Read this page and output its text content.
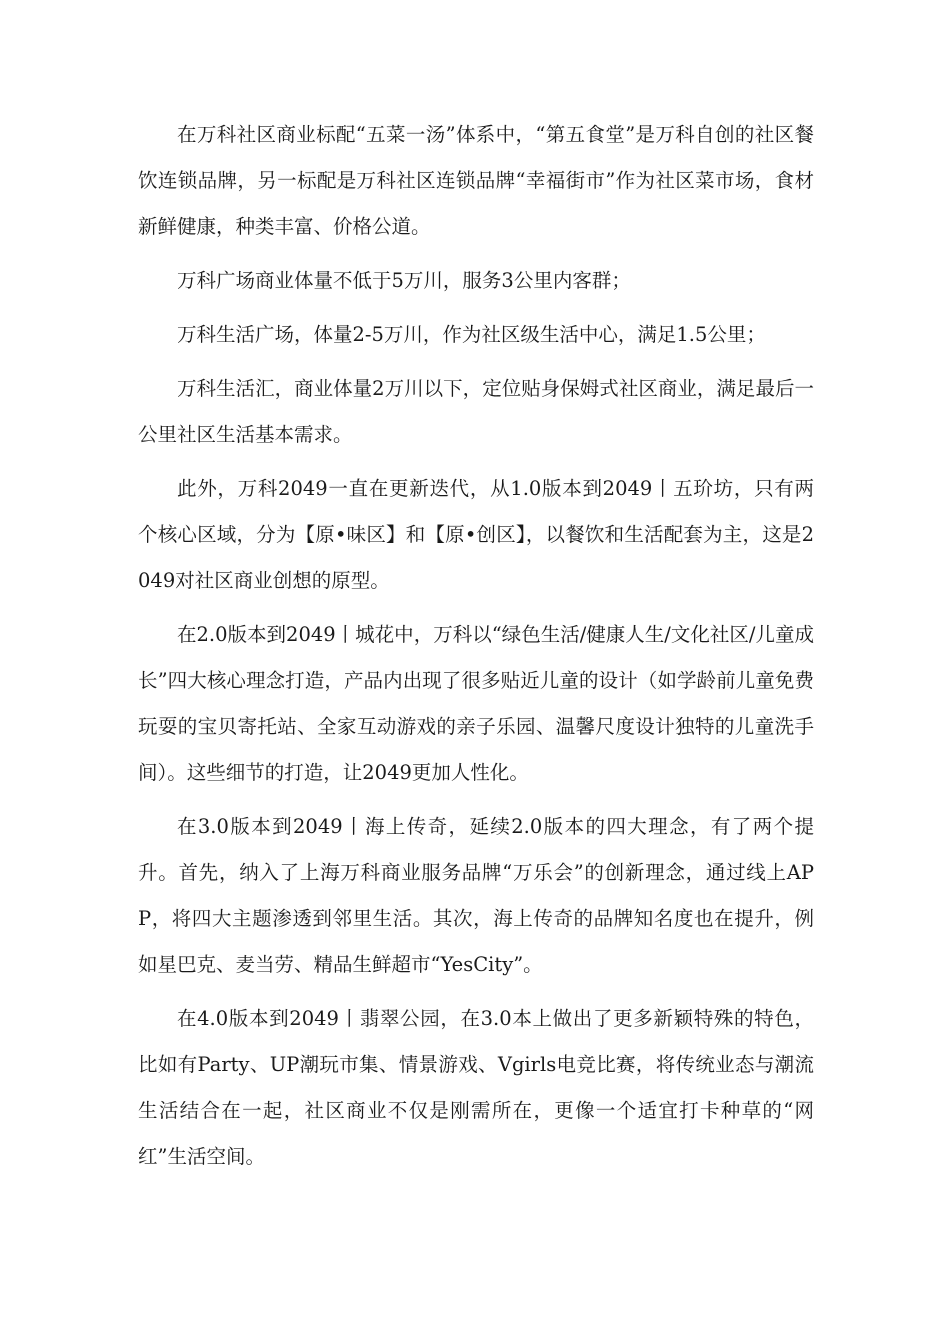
在万科社区商业标配“五菜一汤”体系中，“第五食堂”是万科自创的社区餐饮连锁品牌，另一标配是万科社区连锁品牌“幸福街市”作为社区菜市场，食材新鲜健康，种类丰富、价格公道。

万科广场商业体量不低于5万川，服务3公里内客群；

万科生活广场，体量2-5万川，作为社区级生活中心，满足1.5公里；

万科生活汇，商业体量2万川以下，定位贴身保姆式社区商业，满足最后一公里社区生活基本需求。

此外，万科2049一直在更新迭代，从1.0版本到2049丨五玠坊，只有两个核心区域，分为【原•味区】和【原•创区】，以餐饮和生活配套为主，这是2049对社区商业创想的原型。

在2.0版本到2049丨城花中，万科以“绿色生活/健康人生/文化社区/儿童成长”四大核心理念打造，产品内出现了很多贴近儿童的设计（如学龄前儿童免费玩耍的宝贝寄托站、全家互动游戏的亲子乐园、温馨尺度设计独特的儿童洗手间）。这些细节的打造，让2049更加人性化。

在3.0版本到2049丨海上传奇，延续2.0版本的四大理念，有了两个提升。首先，纳入了上海万科商业服务品牌“万乐会”的创新理念，通过线上APP，将四大主题渗透到邻里生活。其次，海上传奇的品牌知名度也在提升，例如星巴克、麦当劳、精品生鲜超市“YesCity”。

在4.0版本到2049丨翡翠公园，在3.0本上做出了更多新颖特殊的特色，比如有Party、UP潮玩市集、情景游戏、Vgirls电竞比赛，将传统业态与潮流生活结合在一起，社区商业不仅是刚需所在，更像一个适宜打卡种草的“网红”生活空间。
